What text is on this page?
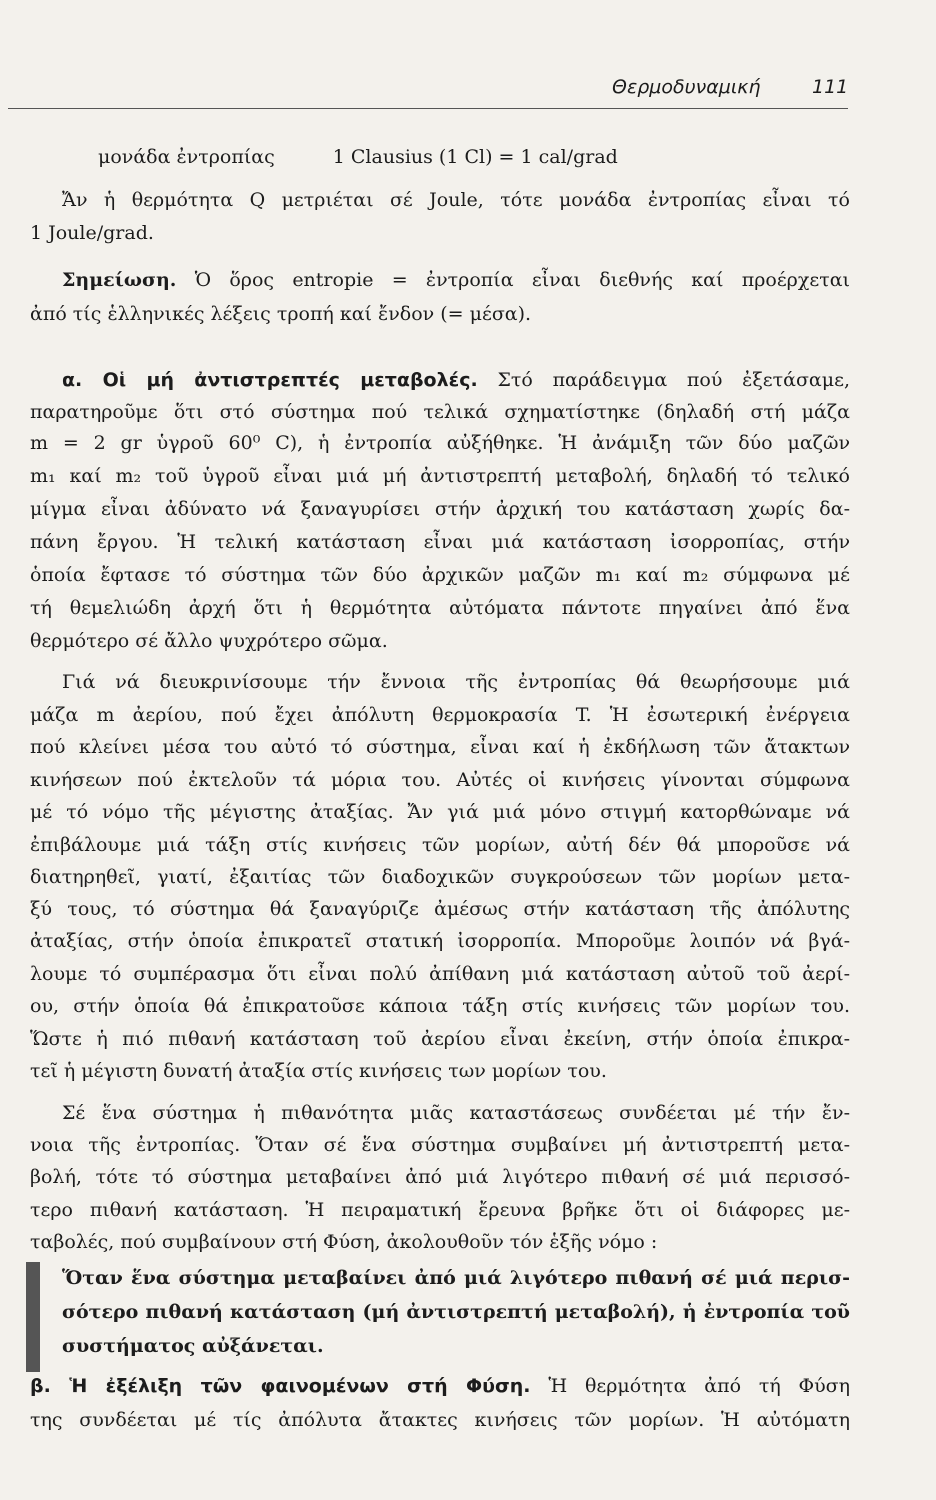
Θερμοδυναμική	111
μονάδα ἐντροπίας	1 Clausius (1 Cl) = 1 cal/grad
Ἄν ἡ θερμότητα Q μετριέται σέ Joule, τότε μονάδα ἐντροπίας εἶναι τό
1 Joule/grad.
Σημείωση. Ὁ ὅρος entropie = ἐντροπία εἶναι διεθνής καί προέρχεται
ἀπό τίς ἑλληνικές λέξεις τροπή καί ἔνδον (= μέσα).
α. Οἱ μή ἀντιστρεπτές μεταβολές. Στό παράδειγμα πού ἐξετάσαμε,
παρατηροῦμε ὅτι στό σύστημα πού τελικά σχηματίστηκε (δηλαδή στή μάζα
m = 2 gr ὑγροῦ 60⁰ C), ἡ ἐντροπία αὐξήθηκε. Ἡ ἀνάμιξη τῶν δύο μαζῶν
m₁ καί m₂ τοῦ ὑγροῦ εἶναι μιά μή ἀντιστρεπτή μεταβολή, δηλαδή τό τελικό
μίγμα εἶναι ἀδύνατο νά ξαναγυρίσει στήν ἀρχική του κατάσταση χωρίς δα-
πάνη ἔργου. Ἡ τελική κατάσταση εἶναι μιά κατάσταση ἰσορροπίας, στήν
ὁποία ἔφτασε τό σύστημα τῶν δύο ἀρχικῶν μαζῶν m₁ καί m₂ σύμφωνα μέ
τή θεμελιώδη ἀρχή ὅτι ἡ θερμότητα αὐτόματα πάντοτε πηγαίνει ἀπό ἕνα
θερμότερο σέ ἄλλο ψυχρότερο σῶμα.
Γιά νά διευκρινίσουμε τήν ἔννοια τῆς ἐντροπίας θά θεωρήσουμε μιά
μάζα m ἀερίου, πού ἔχει ἀπόλυτη θερμοκρασία T. Ἡ ἐσωτερική ἐνέργεια
πού κλείνει μέσα του αὐτό τό σύστημα, εἶναι καί ἡ ἐκδήλωση τῶν ἄτακτων
κινήσεων πού ἐκτελοῦν τά μόρια του. Αὐτές οἱ κινήσεις γίνονται σύμφωνα
μέ τό νόμο τῆς μέγιστης ἀταξίας. Ἄν γιά μιά μόνο στιγμή κατορθώναμε νά
ἐπιβάλουμε μιά τάξη στίς κινήσεις τῶν μορίων, αὐτή δέν θά μποροῦσε νά
διατηρηθεῖ, γιατί, ἐξαιτίας τῶν διαδοχικῶν συγκρούσεων τῶν μορίων μετα-
ξύ τους, τό σύστημα θά ξαναγύριζε ἀμέσως στήν κατάσταση τῆς ἀπόλυτης
ἀταξίας, στήν ὁποία ἐπικρατεῖ στατική ἰσορροπία. Μποροῦμε λοιπόν νά βγά-
λουμε τό συμπέρασμα ὅτι εἶναι πολύ ἀπίθανη μιά κατάσταση αὐτοῦ τοῦ ἀερί-
ου, στήν ὁποία θά ἐπικρατοῦσε κάποια τάξη στίς κινήσεις τῶν μορίων του.
Ὥστε ἡ πιό πιθανή κατάσταση τοῦ ἀερίου εἶναι ἐκείνη, στήν ὁποία ἐπικρα-
τεῖ ἡ μέγιστη δυνατή ἀταξία στίς κινήσεις των μορίων του.
Σέ ἕνα σύστημα ἡ πιθανότητα μιᾶς καταστάσεως συνδέεται μέ τήν ἔν-
νοια τῆς ἐντροπίας. Ὅταν σέ ἕνα σύστημα συμβαίνει μή ἀντιστρεπτή μετα-
βολή, τότε τό σύστημα μεταβαίνει ἀπό μιά λιγότερο πιθανή σέ μιά περισσό-
τερο πιθανή κατάσταση. Ἡ πειραματική ἔρευνα βρῆκε ὅτι οἱ διάφορες με-
ταβολές, πού συμβαίνουν στή Φύση, ἀκολουθοῦν τόν ἑξῆς νόμο :
Ὅταν ἕνα σύστημα μεταβαίνει ἀπό μιά λιγότερο πιθανή σέ μιά περισ-
σότερο πιθανή κατάσταση (μή ἀντιστρεπτή μεταβολή), ἡ ἐντροπία τοῦ
συστήματος αὐξάνεται.
β. Ἡ ἐξέλιξη τῶν φαινομένων στή Φύση. Ἡ θερμότητα ἀπό τή Φύση
της συνδέεται μέ τίς ἀπόλυτα ἄτακτες κινήσεις τῶν μορίων. Ἡ αὐτόματη
